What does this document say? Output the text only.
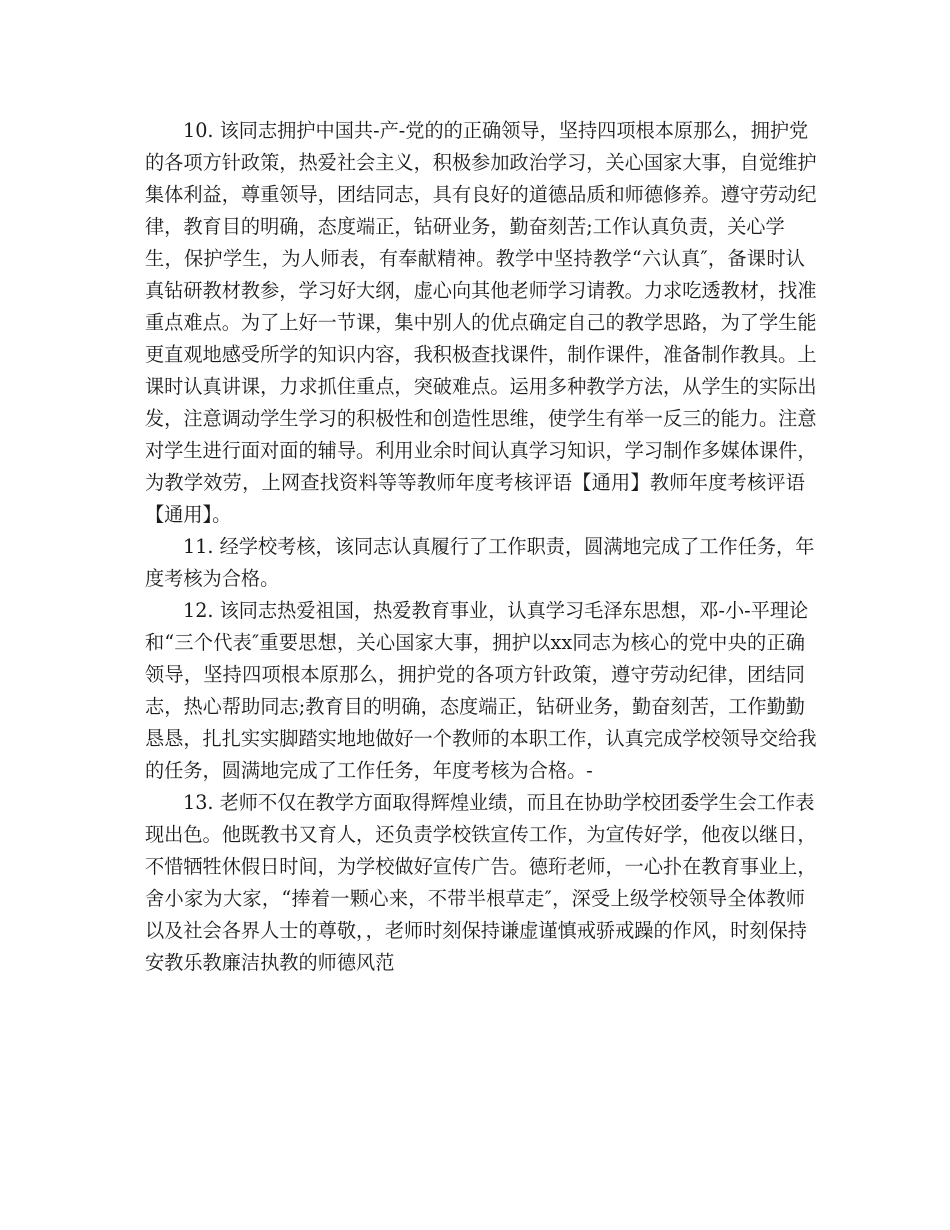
10. 该同志拥护中国共-产-党的的正确领导，坚持四项根本原那么，拥护党
的各项方针政策，热爱社会主义，积极参加政治学习，关心国家大事，自觉维护
集体利益，尊重领导，团结同志，具有良好的道德品质和师德修养。遵守劳动纪
律，教育目的明确，态度端正，钻研业务，勤奋刻苦;工作认真负责，关心学
生，保护学生，为人师表，有奉献精神。教学中坚持教学“六认真″，备课时认
真钻研教材教参，学习好大纲，虚心向其他老师学习请教。力求吃透教材，找准
重点难点。为了上好一节课，集中别人的优点确定自己的教学思路，为了学生能
更直观地感受所学的知识内容，我积极查找课件，制作课件，准备制作教具。上
课时认真讲课，力求抓住重点，突破难点。运用多种教学方法，从学生的实际出
发，注意调动学生学习的积极性和创造性思维，使学生有举一反三的能力。注意
对学生进行面对面的辅导。利用业余时间认真学习知识，学习制作多媒体课件，
为教学效劳，上网查找资料等等教师年度考核评语【通用】教师年度考核评语
【通用】。
11. 经学校考核，该同志认真履行了工作职责，圆满地完成了工作任务，年
度考核为合格。
12. 该同志热爱祖国，热爱教育事业，认真学习毛泽东思想，邓-小-平理论
和“三个代表″重要思想，关心国家大事，拥护以xx同志为核心的党中央的正确
领导，坚持四项根本原那么，拥护党的各项方针政策，遵守劳动纪律，团结同
志，热心帮助同志;教育目的明确，态度端正，钻研业务，勤奋刻苦，工作勤勤
恳恳，扎扎实实脚踏实地地做好一个教师的本职工作，认真完成学校领导交给我
的任务，圆满地完成了工作任务，年度考核为合格。-
13. 老师不仅在教学方面取得辉煌业绩，而且在协助学校团委学生会工作表
现出色。他既教书又育人，还负责学校铁宣传工作，为宣传好学，他夜以继日，
不惜牺牲休假日时间，为学校做好宣传广告。德珩老师，一心扑在教育事业上，
舍小家为大家，“捧着一颗心来，不带半根草走″，深受上级学校领导全体教师
以及社会各界人士的尊敬，，老师时刻保持谦虚谨慎戒骄戒躁的作风，时刻保持
安教乐教廉洁执教的师德风范
